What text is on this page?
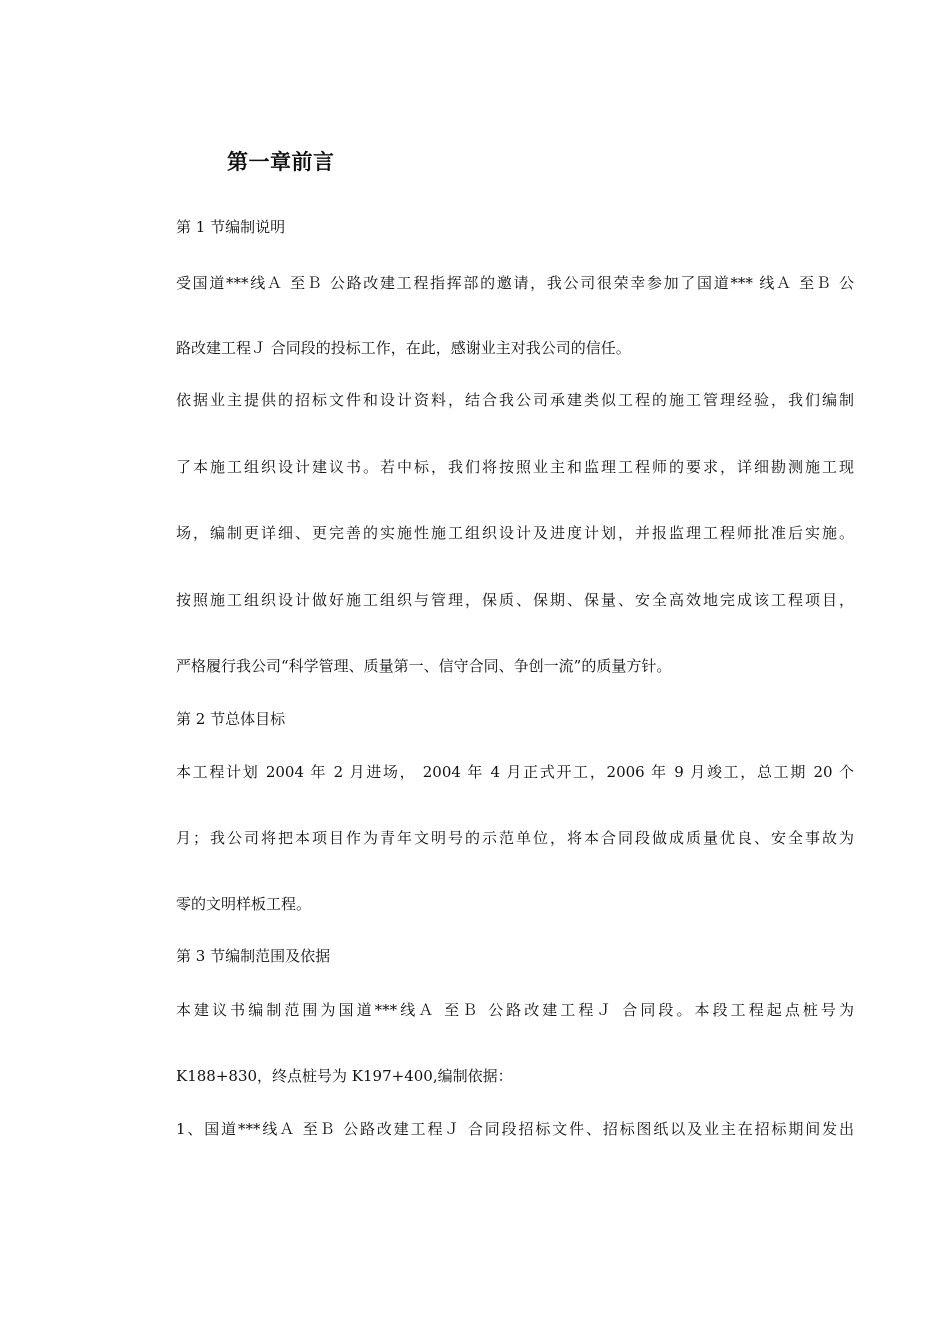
第一章前言
第 1 节编制说明
受国道***线Ａ 至Ｂ 公路改建工程指挥部的邀请，我公司很荣幸参加了国道*** 线Ａ 至Ｂ 公
路改建工程Ｊ 合同段的投标工作，在此，感谢业主对我公司的信任。
依据业主提供的招标文件和设计资料，结合我公司承建类似工程的施工管理经验，我们编制
了本施工组织设计建议书。若中标，我们将按照业主和监理工程师的要求，详细勘测施工现
场，编制更详细、更完善的实施性施工组织设计及进度计划，并报监理工程师批准后实施。
按照施工组织设计做好施工组织与管理，保质、保期、保量、安全高效地完成该工程项目，
严格履行我公司“科学管理、质量第一、信守合同、争创一流”的质量方针。
第 2 节总体目标
本工程计划 2004 年 2 月进场， 2004 年 4 月正式开工，2006 年 9 月竣工，总工期 20 个
月；我公司将把本项目作为青年文明号的示范单位，将本合同段做成质量优良、安全事故为
零的文明样板工程。
第 3 节编制范围及依据
本建议书编制范围为国道***线Ａ 至Ｂ 公路改建工程Ｊ 合同段。本段工程起点桩号为
K188+830，终点桩号为 K197+400,编制依据：
1、国道***线Ａ 至Ｂ 公路改建工程Ｊ 合同段招标文件、招标图纸以及业主在招标期间发出
